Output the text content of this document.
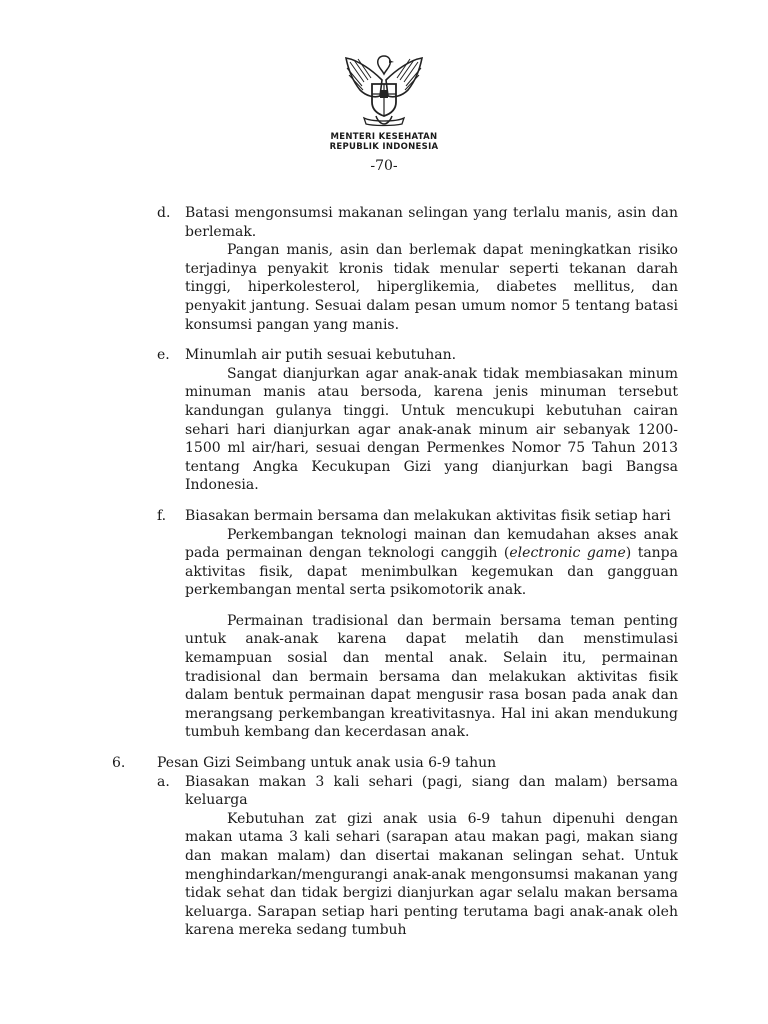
MENTERI KESEHATAN
REPUBLIK INDONESIA
-70-
d.	Batasi mengonsumsi makanan selingan yang terlalu manis, asin dan berlemak.
Pangan manis, asin dan berlemak dapat meningkatkan risiko terjadinya penyakit kronis tidak menular seperti tekanan darah tinggi, hiperkolesterol, hiperglikemia, diabetes mellitus, dan penyakit jantung. Sesuai dalam pesan umum nomor 5 tentang batasi konsumsi pangan yang manis.
e.	Minumlah air putih sesuai kebutuhan.
Sangat dianjurkan agar anak-anak tidak membiasakan minum minuman manis atau bersoda, karena jenis minuman tersebut kandungan gulanya tinggi. Untuk mencukupi kebutuhan cairan sehari hari dianjurkan agar anak-anak minum air sebanyak 1200-1500 ml air/hari, sesuai dengan Permenkes Nomor 75 Tahun 2013 tentang Angka Kecukupan Gizi yang dianjurkan bagi Bangsa Indonesia.
f.	Biasakan bermain bersama dan melakukan aktivitas fisik setiap hari
Perkembangan teknologi mainan dan kemudahan akses anak pada permainan dengan teknologi canggih (electronic game) tanpa aktivitas fisik, dapat menimbulkan kegemukan dan gangguan perkembangan mental serta psikomotorik anak.
Permainan tradisional dan bermain bersama teman penting untuk anak-anak karena dapat melatih dan menstimulasi kemampuan sosial dan mental anak. Selain itu, permainan tradisional dan bermain bersama dan melakukan aktivitas fisik dalam bentuk permainan dapat mengusir rasa bosan pada anak dan merangsang perkembangan kreativitasnya. Hal ini akan mendukung tumbuh kembang dan kecerdasan anak.
6. Pesan Gizi Seimbang untuk anak usia 6-9 tahun
a.	Biasakan makan 3 kali sehari (pagi, siang dan malam) bersama keluarga
Kebutuhan zat gizi anak usia 6-9 tahun dipenuhi dengan makan utama 3 kali sehari (sarapan atau makan pagi, makan siang dan makan malam) dan disertai makanan selingan sehat. Untuk menghindarkan/mengurangi anak-anak mengonsumsi makanan yang tidak sehat dan tidak bergizi dianjurkan agar selalu makan bersama keluarga. Sarapan setiap hari penting terutama bagi anak-anak oleh karena mereka sedang tumbuh
